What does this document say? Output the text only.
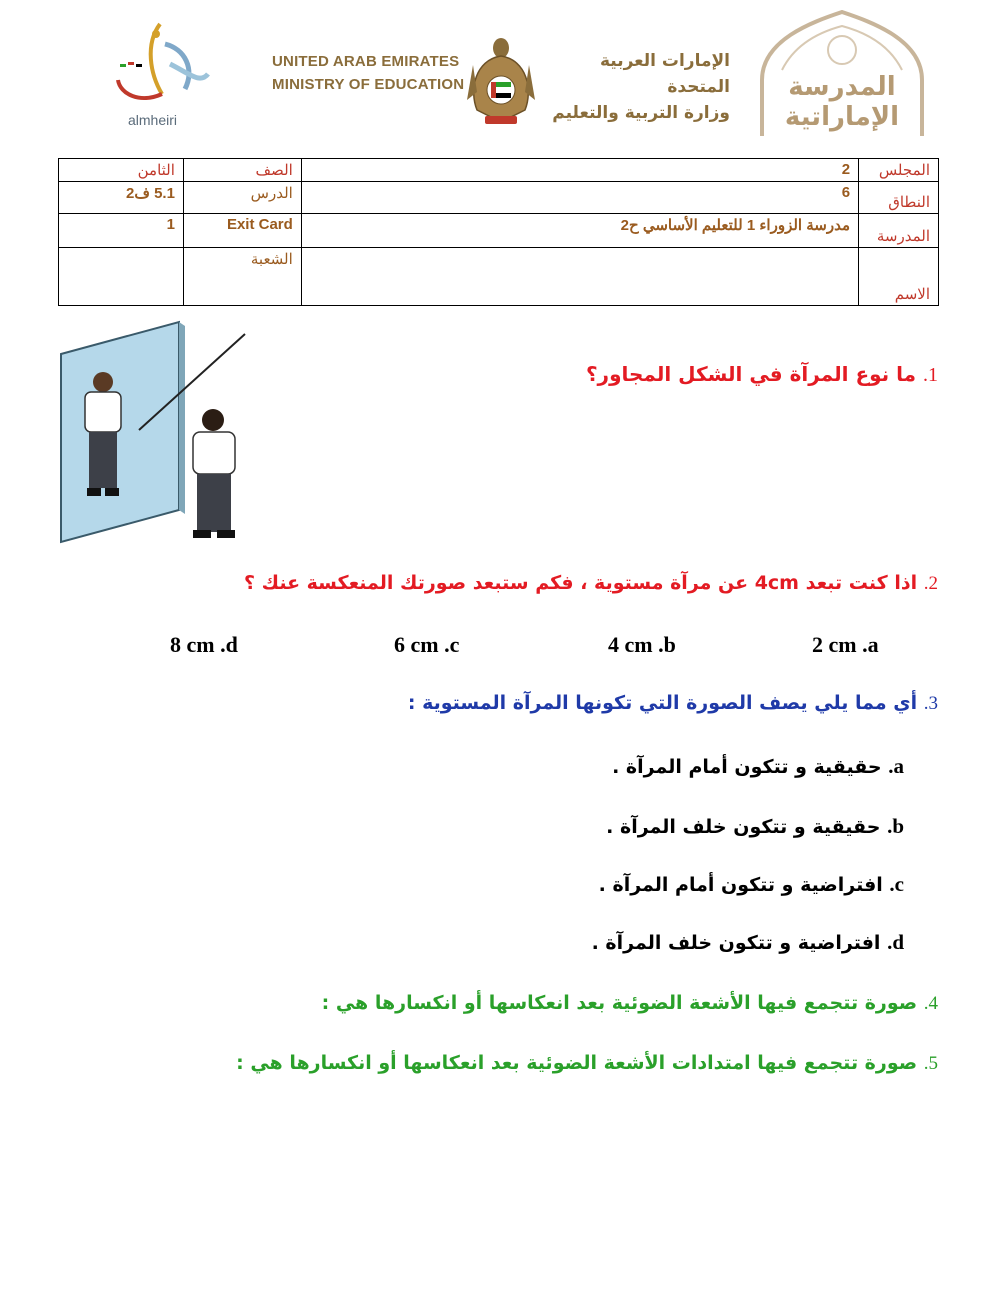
almheiri
UNITED ARAB EMIRATES
MINISTRY OF EDUCATION
الإمارات العربية المتحدة
وزارة التربية والتعليم
المدرسة
الإماراتية
المجلس	2	الصف	الثامن
النطاق	6	الدرس	5.1 ف2
المدرسة	مدرسة الزوراء 1 للتعليم الأساسي ح2	Exit Card	1
الاسم		الشعبة	
1. ما نوع المرآة في الشكل المجاور؟
2. اذا كنت تبعد 4cm عن مرآة مستوية ، فكم ستبعد صورتك المنعكسة عنك ؟
2 cm .a
4 cm .b
6 cm .c
8 cm .d
3. أي مما يلي يصف الصورة التي تكونها المرآة المستوية :
a. حقيقية و تتكون أمام المرآة .
b. حقيقية و تتكون خلف المرآة .
c. افتراضية و تتكون أمام المرآة .
d. افتراضية و تتكون خلف المرآة .
4. صورة تتجمع فيها الأشعة الضوئية بعد انعكاسها أو انكسارها هي :
5. صورة تتجمع فيها امتدادات الأشعة الضوئية بعد انعكاسها أو انكسارها هي :
